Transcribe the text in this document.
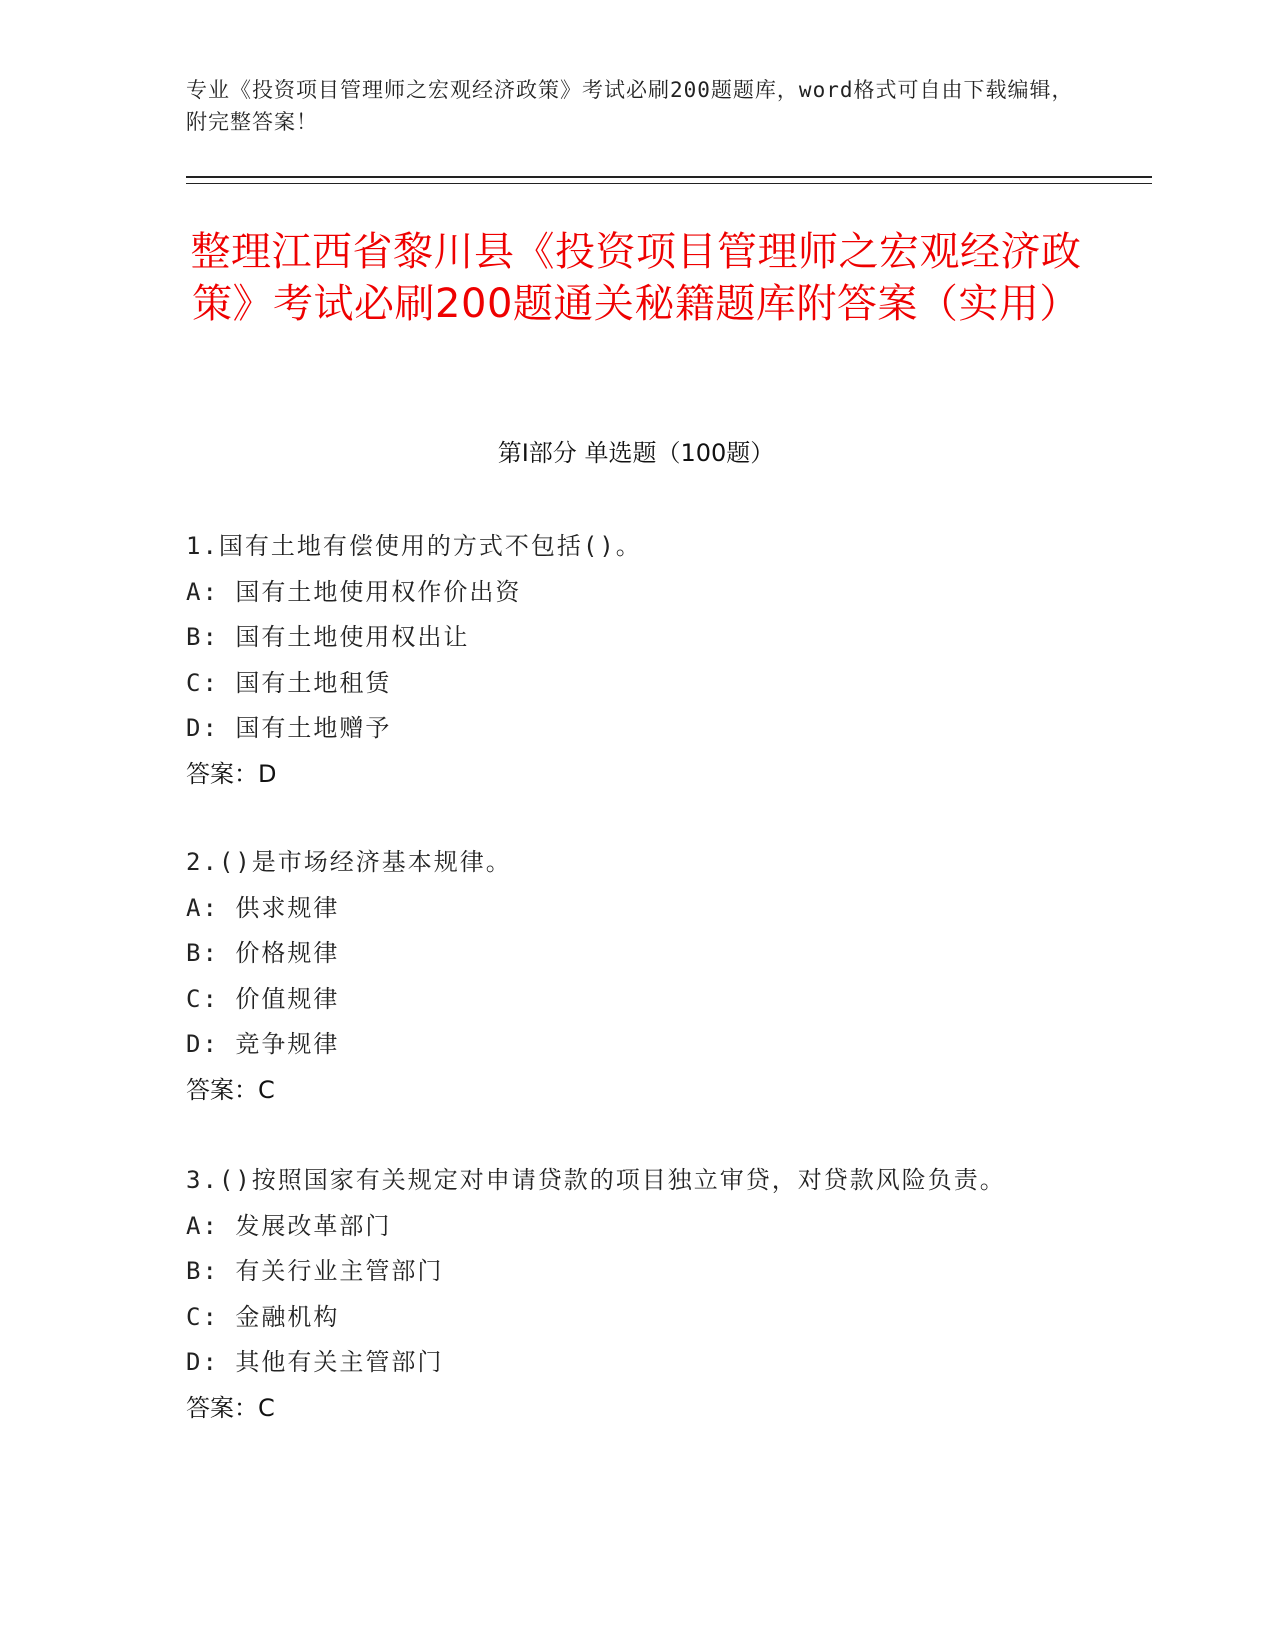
专业《投资项目管理师之宏观经济政策》考试必刷200题题库，word格式可自由下载编辑，附完整答案！
整理江西省黎川县《投资项目管理师之宏观经济政策》考试必刷200题通关秘籍题库附答案（实用）
第I部分 单选题（100题）

1.国有土地有偿使用的方式不包括()。

A: 国有土地使用权作价出资

B: 国有土地使用权出让

C: 国有土地租赁

D: 国有土地赠予

答案：D

2.()是市场经济基本规律。

A: 供求规律

B: 价格规律

C: 价值规律

D: 竞争规律

答案：C

3.()按照国家有关规定对申请贷款的项目独立审贷，对贷款风险负责。

A: 发展改革部门

B: 有关行业主管部门

C: 金融机构

D: 其他有关主管部门

答案：C
